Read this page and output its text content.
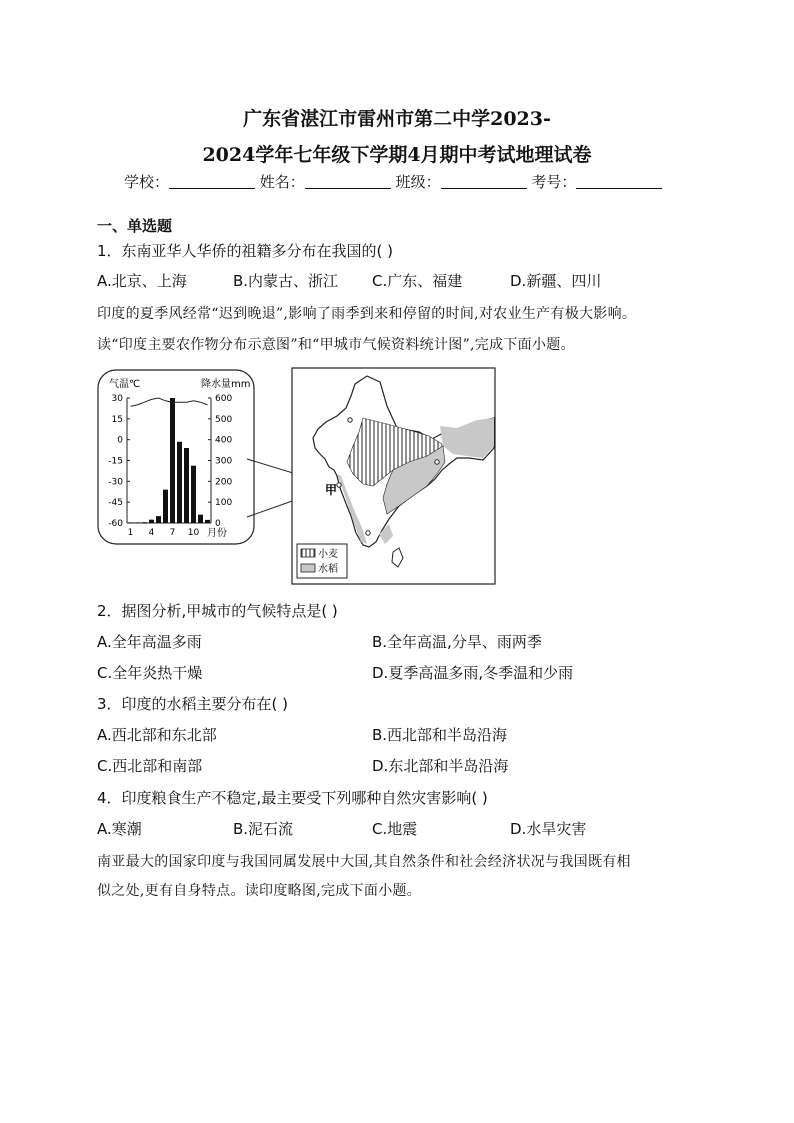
广东省湛江市雷州市第二中学2023-
2024学年七年级下学期4月期中考试地理试卷
学校：	姓名：	班级：	考号：
一、单选题
1．东南亚华人华侨的祖籍多分布在我国的( )
A.北京、上海	B.内蒙古、浙江 C.广东、福建	D.新疆、四川
印度的夏季风经常“迟到晚退”,影响了雨季到来和停留的时间,对农业生产有极大影响。
读“印度主要农作物分布示意图”和“甲城市气候资料统计图”,完成下面小题。
气温℃	降水量mm
30
15
0
-15
-30
-45
-60
600
500
400
300
200
100
0
1 4 7 10 月份
甲
小麦
水稻
2．据图分析,甲城市的气候特点是( )
A.全年高温多雨	B.全年高温,分旱、雨两季
C.全年炎热干燥	D.夏季高温多雨,冬季温和少雨
3．印度的水稻主要分布在( )
A.西北部和东北部	B.西北部和半岛沿海
C.西北部和南部	D.东北部和半岛沿海
4．印度粮食生产不稳定,最主要受下列哪种自然灾害影响( )
A.寒潮	B.泥石流	C.地震	D.水旱灾害
南亚最大的国家印度与我国同属发展中大国,其自然条件和社会经济状况与我国既有相
似之处,更有自身特点。读印度略图,完成下面小题。
